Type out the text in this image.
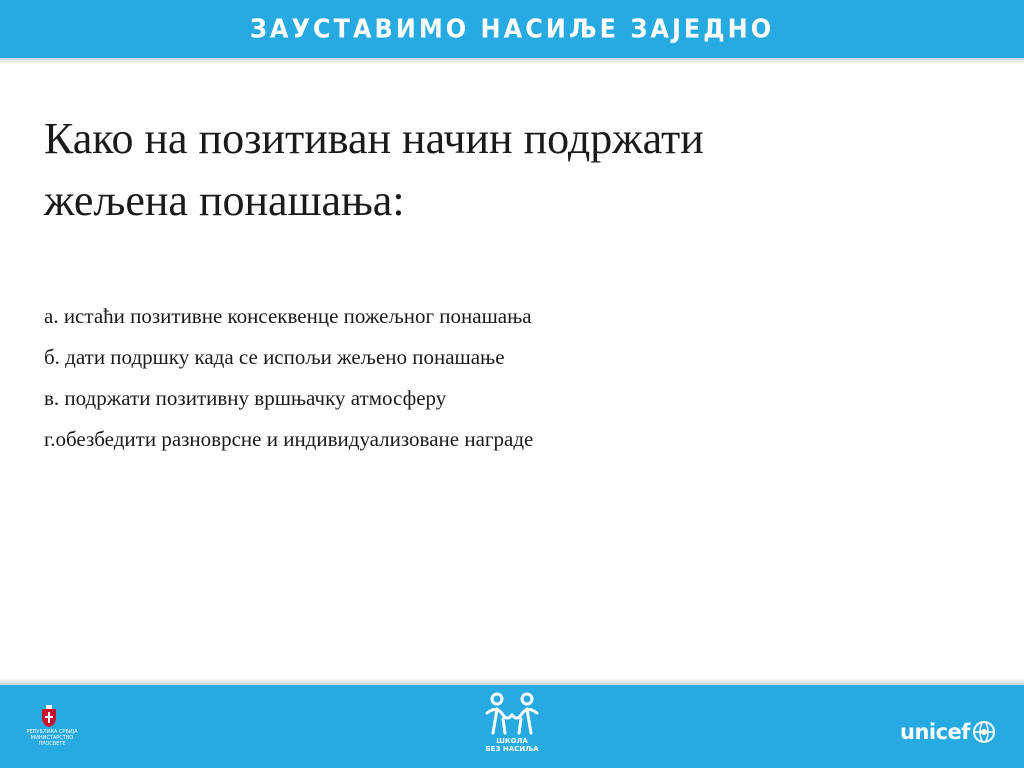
ЗАУСТАВИМО НАСИЉЕ ЗАЈЕДНО
Како на позитиван начин подржати
жељена понашања:
а. истаћи позитивне консеквенце пожељног понашања
б. дати подршку када се испољи жељено понашање
в. подржати позитивну вршњачку атмосферу
г.обезбедити разноврсне и индивидуализоване награде
РЕПУБЛИКА СРБИЈА
МИНИСТАРСТВО ПРОСВЕТЕ	ШКОЛА
БЕЗ НАСИЉА
unicef
